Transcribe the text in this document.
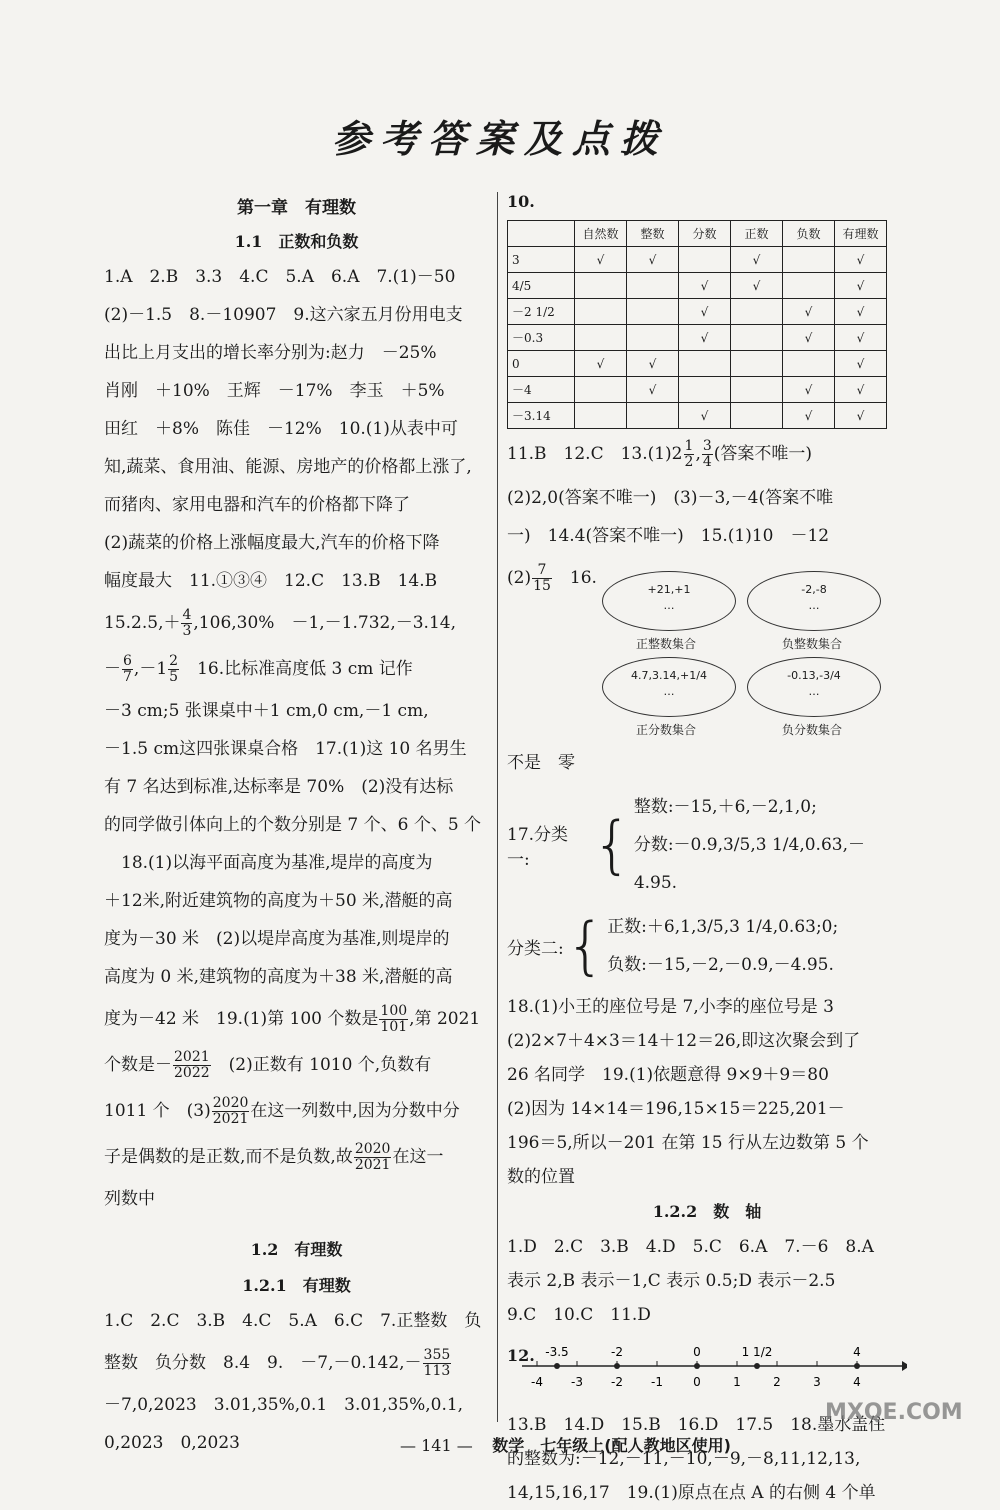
参考答案及点拨

第一章　有理数

1.1　正数和负数

1.A　2.B　3.3　4.C　5.A　6.A　7.(1)－50

(2)－1.5　8.－10907　9.这六家五月份用电支

出比上月支出的增长率分别为:赵力　－25%

肖刚　＋10%　王辉　－17%　李玉　＋5%

田红　＋8%　陈佳　－12%　10.(1)从表中可

知,蔬菜、食用油、能源、房地产的价格都上涨了,

而猪肉、家用电器和汽车的价格都下降了

(2)蔬菜的价格上涨幅度最大,汽车的价格下降

幅度最大　11.①③④　12.C　13.B　14.B

$15.2.5,+ \frac{4}{3} ,106,30\%$　－1,－1.732,－3.14,

－ $\frac{6}{7} ,-1 \frac{2}{5}$ 　16.比标准高度低 3 cm 记作

－3 cm;5 张课桌中＋1 cm,0 cm,－1 cm,

－1.5 cm这四张课桌合格　17.(1)这 10 名男生

有 7 名达到标准,达标率是 70%　(2)没有达标

的同学做引体向上的个数分别是 7 个、6 个、5 个

　18.(1)以海平面高度为基准,堤岸的高度为

＋12米,附近建筑物的高度为＋50 米,潜艇的高

度为－30 米　(2)以堤岸高度为基准,则堤岸的

高度为 0 米,建筑物的高度为＋38 米,潜艇的高

度为－42 米　19.(1)第 100 个数是 $\frac{100}{101}$ ,第 2021

个数是－ $\frac{2021}{2022}$ 　(2)正数有 1010 个,负数有

1011 个　$(3) \frac{2020}{2021}$ 在这一列数中,因为分数中分

子是偶数的是正数,而不是负数,故 $\frac{2020}{2021}$ 在这一

列数中

1.2　有理数

1.2.1　有理数

1.C　2.C　3.B　4.C　5.A　6.C　7.正整数　负

整数　负分数　8.4　9.　$-7,-0.142,- \frac{355}{113}$

－7,0,2023　3.01,35%,0.1　3.01,35%,0.1,

0,2023　0,2023

10.
	自然数	整数	分数	正数	负数	有理数
3	√	√		√		√
4/5			√	√		√
－2 1/2			√		√	√
－0.3			√		√	√
0	√	√				√
－4		√			√	√
－3.14			√		√	√

11.B　12.C　$13.(1)2 \frac{1}{2}$ , $\frac{3}{4}$ (答案不唯一)

(2)2,0(答案不唯一)　(3)－3,－4(答案不唯

一)　14.4(答案不唯一)　15.(1)10　－12

$(2) \frac{7}{15}$ 　16.

+21,+1
…
正整数集合
-2,-8
…
负整数集合
4.7,3.14,+1/4
…
正分数集合
-0.13,-3/4
…
负分数集合

不是　零

17.分类一:	{
整数:－15,＋6,－2,1,0;
分数:－0.9,3/5,3 1/4,0.63,－4.95.
分类二: { 正数:＋6,1,3/5,3 1/4,0.63;0;
负数:－15,－2,－0.9,－4.95.

18.(1)小王的座位号是 7,小李的座位号是 3

(2)2×7＋4×3＝14＋12＝26,即这次聚会到了

26 名同学　19.(1)依题意得 9×9＋9＝80

(2)因为 14×14＝196,15×15＝225,201－

196＝5,所以－201 在第 15 行从左边数第 5 个

数的位置

1.2.2　数　轴

1.D　2.C　3.B　4.D　5.C　6.A　7.－6　8.A

表示 2,B 表示－1,C 表示 0.5;D 表示－2.5

9.C　10.C　11.D

12.
-4 -3 -2 -1	0	1	2	3	4
-3.5	-2	0	1 1/2	4

13.B　14.D　15.B　16.D　17.5　18.墨水盖住

的整数为:－12,－11,－10,－9,－8,11,12,13,

14,15,16,17　19.(1)原点在点 A 的右侧 4 个单

— 141 — 数学　七年级上(配人教地区使用)
MXQE.COM
